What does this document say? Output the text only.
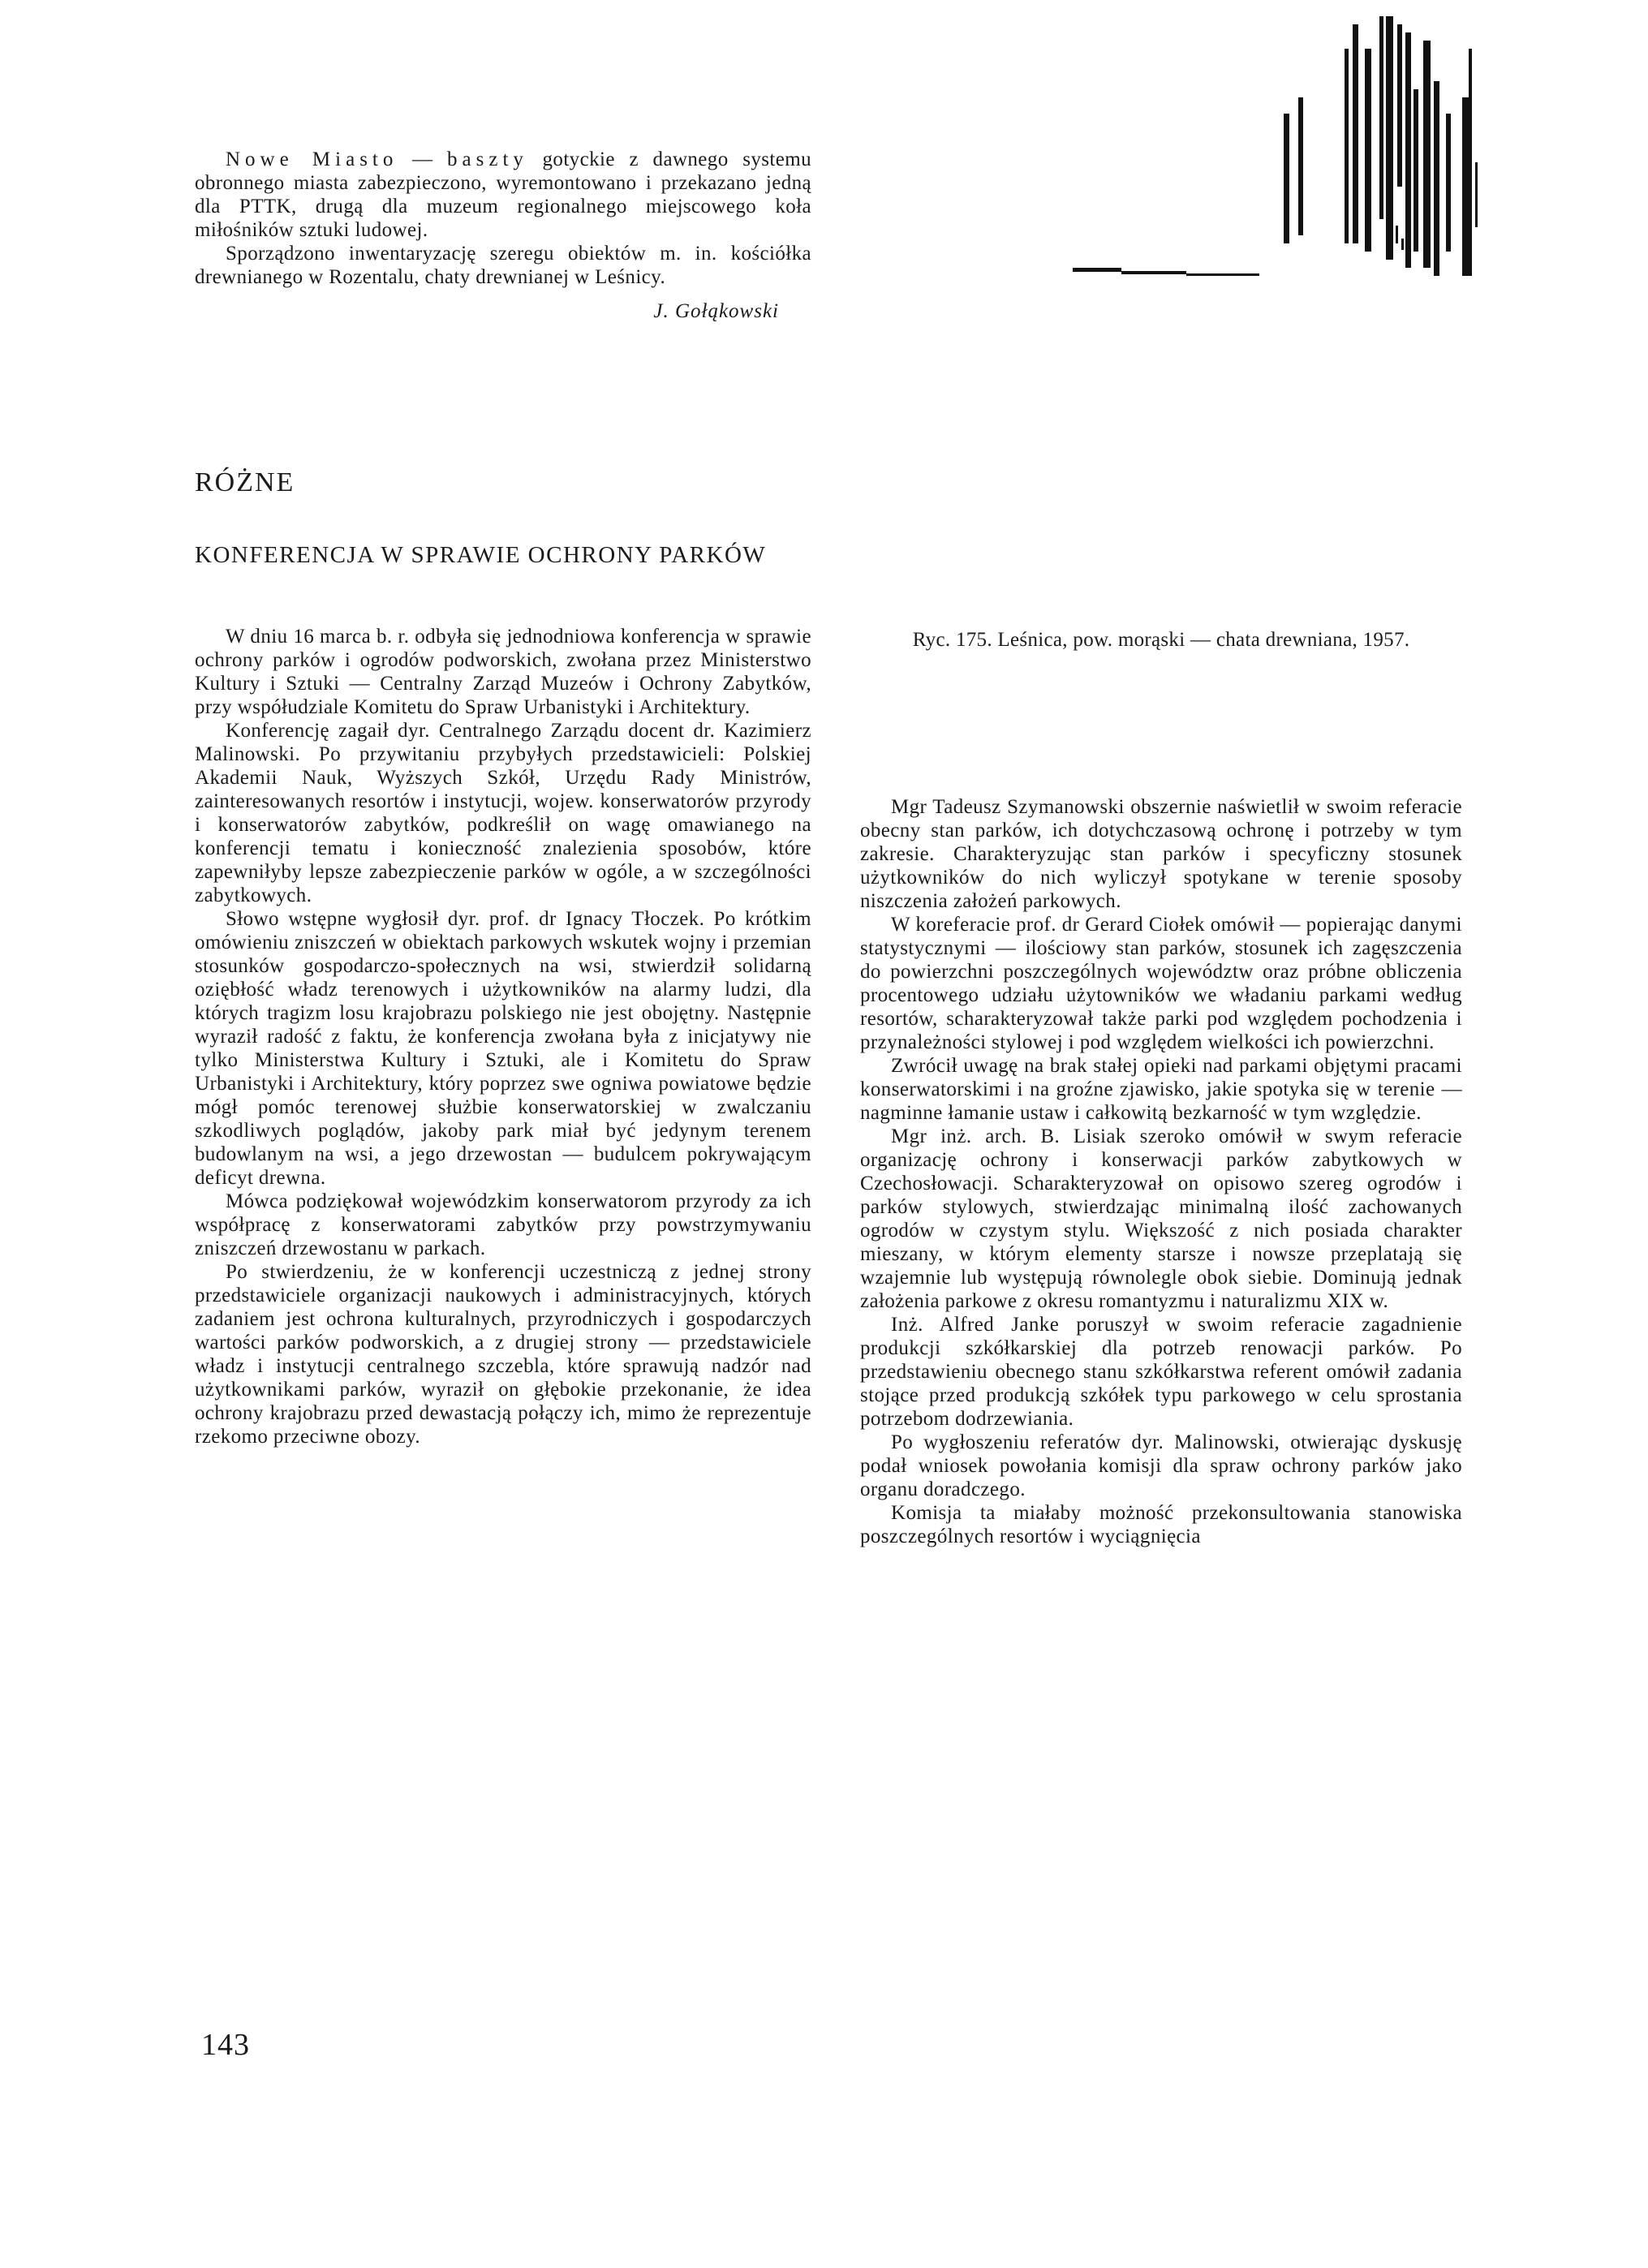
Nowe Miasto — baszty gotyckie z dawnego systemu obronnego miasta zabezpieczono, wyremontowano i przekazano jedną dla PTTK, drugą dla muzeum regionalnego miejscowego koła miłośników sztuki ludowej.

Sporządzono inwentaryzację szeregu obiektów m. in. kościółka drewnianego w Rozentalu, chaty drewnianej w Leśnicy.

J. Gołąkowski

RÓŻNE
KONFERENCJA W SPRAWIE OCHRONY PARKÓW

W dniu 16 marca b. r. odbyła się jednodniowa konferencja w sprawie ochrony parków i ogrodów podworskich, zwołana przez Ministerstwo Kultury i Sztuki — Centralny Zarząd Muzeów i Ochrony Zabytków, przy współudziale Komitetu do Spraw Urbanistyki i Architektury.

Konferencję zagaił dyr. Centralnego Zarządu docent dr. Kazimierz Malinowski. Po przywitaniu przybyłych przedstawicieli: Polskiej Akademii Nauk, Wyższych Szkół, Urzędu Rady Ministrów, zainteresowanych resortów i instytucji, wojew. konserwatorów przyrody i konserwatorów zabytków, podkreślił on wagę omawianego na konferencji tematu i konieczność znalezienia sposobów, które zapewniłyby lepsze zabezpieczenie parków w ogóle, a w szczególności zabytkowych.

Słowo wstępne wygłosił dyr. prof. dr Ignacy Tłoczek. Po krótkim omówieniu zniszczeń w obiektach parkowych wskutek wojny i przemian stosunków gospodarczo-społecznych na wsi, stwierdził solidarną oziębłość władz terenowych i użytkowników na alarmy ludzi, dla których tragizm losu krajobrazu polskiego nie jest obojętny. Następnie wyraził radość z faktu, że konferencja zwołana była z inicjatywy nie tylko Ministerstwa Kultury i Sztuki, ale i Komitetu do Spraw Urbanistyki i Architektury, który poprzez swe ogniwa powiatowe będzie mógł pomóc terenowej służbie konserwatorskiej w zwalczaniu szkodliwych poglądów, jakoby park miał być jedynym terenem budowlanym na wsi, a jego drzewostan — budulcem pokrywającym deficyt drewna.

Mówca podziękował wojewódzkim konserwatorom przyrody za ich współpracę z konserwatorami zabytków przy powstrzymywaniu zniszczeń drzewostanu w parkach.

Po stwierdzeniu, że w konferencji uczestniczą z jednej strony przedstawiciele organizacji naukowych i administracyjnych, których zadaniem jest ochrona kulturalnych, przyrodniczych i gospodarczych wartości parków podworskich, a z drugiej strony — przedstawiciele władz i instytucji centralnego szczebla, które sprawują nadzór nad użytkownikami parków, wyraził on głębokie przekonanie, że idea ochrony krajobrazu przed dewastacją połączy ich, mimo że reprezentuje rzekomo przeciwne obozy.

Ryc. 175. Leśnica, pow. morąski — chata drewniana, 1957.

Mgr Tadeusz Szymanowski obszernie naświetlił w swoim referacie obecny stan parków, ich dotychczasową ochronę i potrzeby w tym zakresie. Charakteryzując stan parków i specyficzny stosunek użytkowników do nich wyliczył spotykane w terenie sposoby niszczenia założeń parkowych.

W koreferacie prof. dr Gerard Ciołek omówił — popierając danymi statystycznymi — ilościowy stan parków, stosunek ich zagęszczenia do powierzchni poszczególnych województw oraz próbne obliczenia procentowego udziału użytowników we władaniu parkami według resortów, scharakteryzował także parki pod względem pochodzenia i przynależności stylowej i pod względem wielkości ich powierzchni.

Zwrócił uwagę na brak stałej opieki nad parkami objętymi pracami konserwatorskimi i na groźne zjawisko, jakie spotyka się w terenie — nagminne łamanie ustaw i całkowitą bezkarność w tym względzie.

Mgr inż. arch. B. Lisiak szeroko omówił w swym referacie organizację ochrony i konserwacji parków zabytkowych w Czechosłowacji. Scharakteryzował on opisowo szereg ogrodów i parków stylowych, stwierdzając minimalną ilość zachowanych ogrodów w czystym stylu. Większość z nich posiada charakter mieszany, w którym elementy starsze i nowsze przeplatają się wzajemnie lub występują równolegle obok siebie. Dominują jednak założenia parkowe z okresu romantyzmu i naturalizmu XIX w.

Inż. Alfred Janke poruszył w swoim referacie zagadnienie produkcji szkółkarskiej dla potrzeb renowacji parków. Po przedstawieniu obecnego stanu szkółkarstwa referent omówił zadania stojące przed produkcją szkółek typu parkowego w celu sprostania potrzebom dodrzewiania.

Po wygłoszeniu referatów dyr. Malinowski, otwierając dyskusję podał wniosek powołania komisji dla spraw ochrony parków jako organu doradczego.

Komisja ta miałaby możność przekonsultowania stanowiska poszczególnych resortów i wyciągnięcia

143
